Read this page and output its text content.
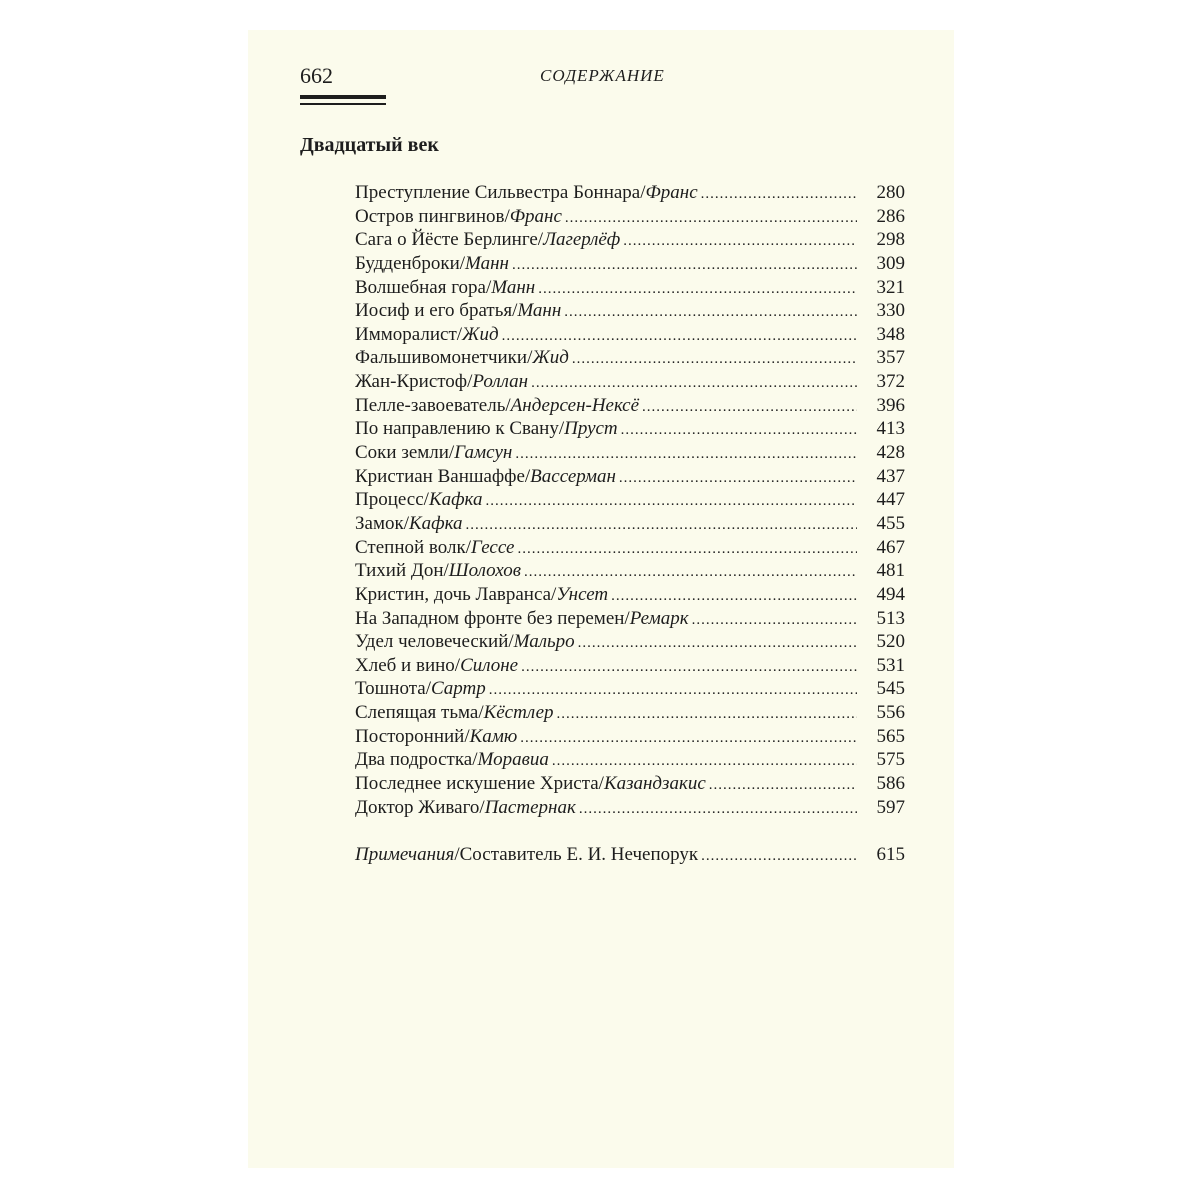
662	СОДЕРЖАНИЕ

Двадцатый век
Преступление Сильвестра Боннара/ Франс .....	280
Остров пингвинов/ Франс .....	286
Сага о Йёсте Берлинге/ Лагерлёф .....	298
Будденброки/ Манн .....	309
Волшебная гора/ Манн .....	321
Иосиф и его братья/ Манн .....	330
Имморалист/ Жид .....	348
Фальшивомонетчики/ Жид .....	357
Жан-Кристоф/ Роллан .....	372
Пелле-завоеватель/ Андерсен-Нексё .....	396
По направлению к Свану/ Пруст .....	413
Соки земли/ Гамсун .....	428
Кристиан Ваншаффе/ Вассерман .....	437
Процесс/ Кафка .....	447
Замок/ Кафка .....	455
Степной волк/ Гессе .....	467
Тихий Дон/ Шолохов .....	481
Кристин, дочь Лавранса/ Унсет .....	494
На Западном фронте без перемен/ Ремарк .....	513
Удел человеческий/ Мальро .....	520
Хлеб и вино/ Силоне .....	531
Тошнота/ Сартр .....	545
Слепящая тьма/ Кёстлер .....	556
Посторонний/ Камю .....	565
Два подростка/ Моравиа .....	575
Последнее искушение Христа/ Казандзакис .....	586
Доктор Живаго/ Пастернак .....	597
Примечания /Составитель Е. И. Нечепорук .....	615
